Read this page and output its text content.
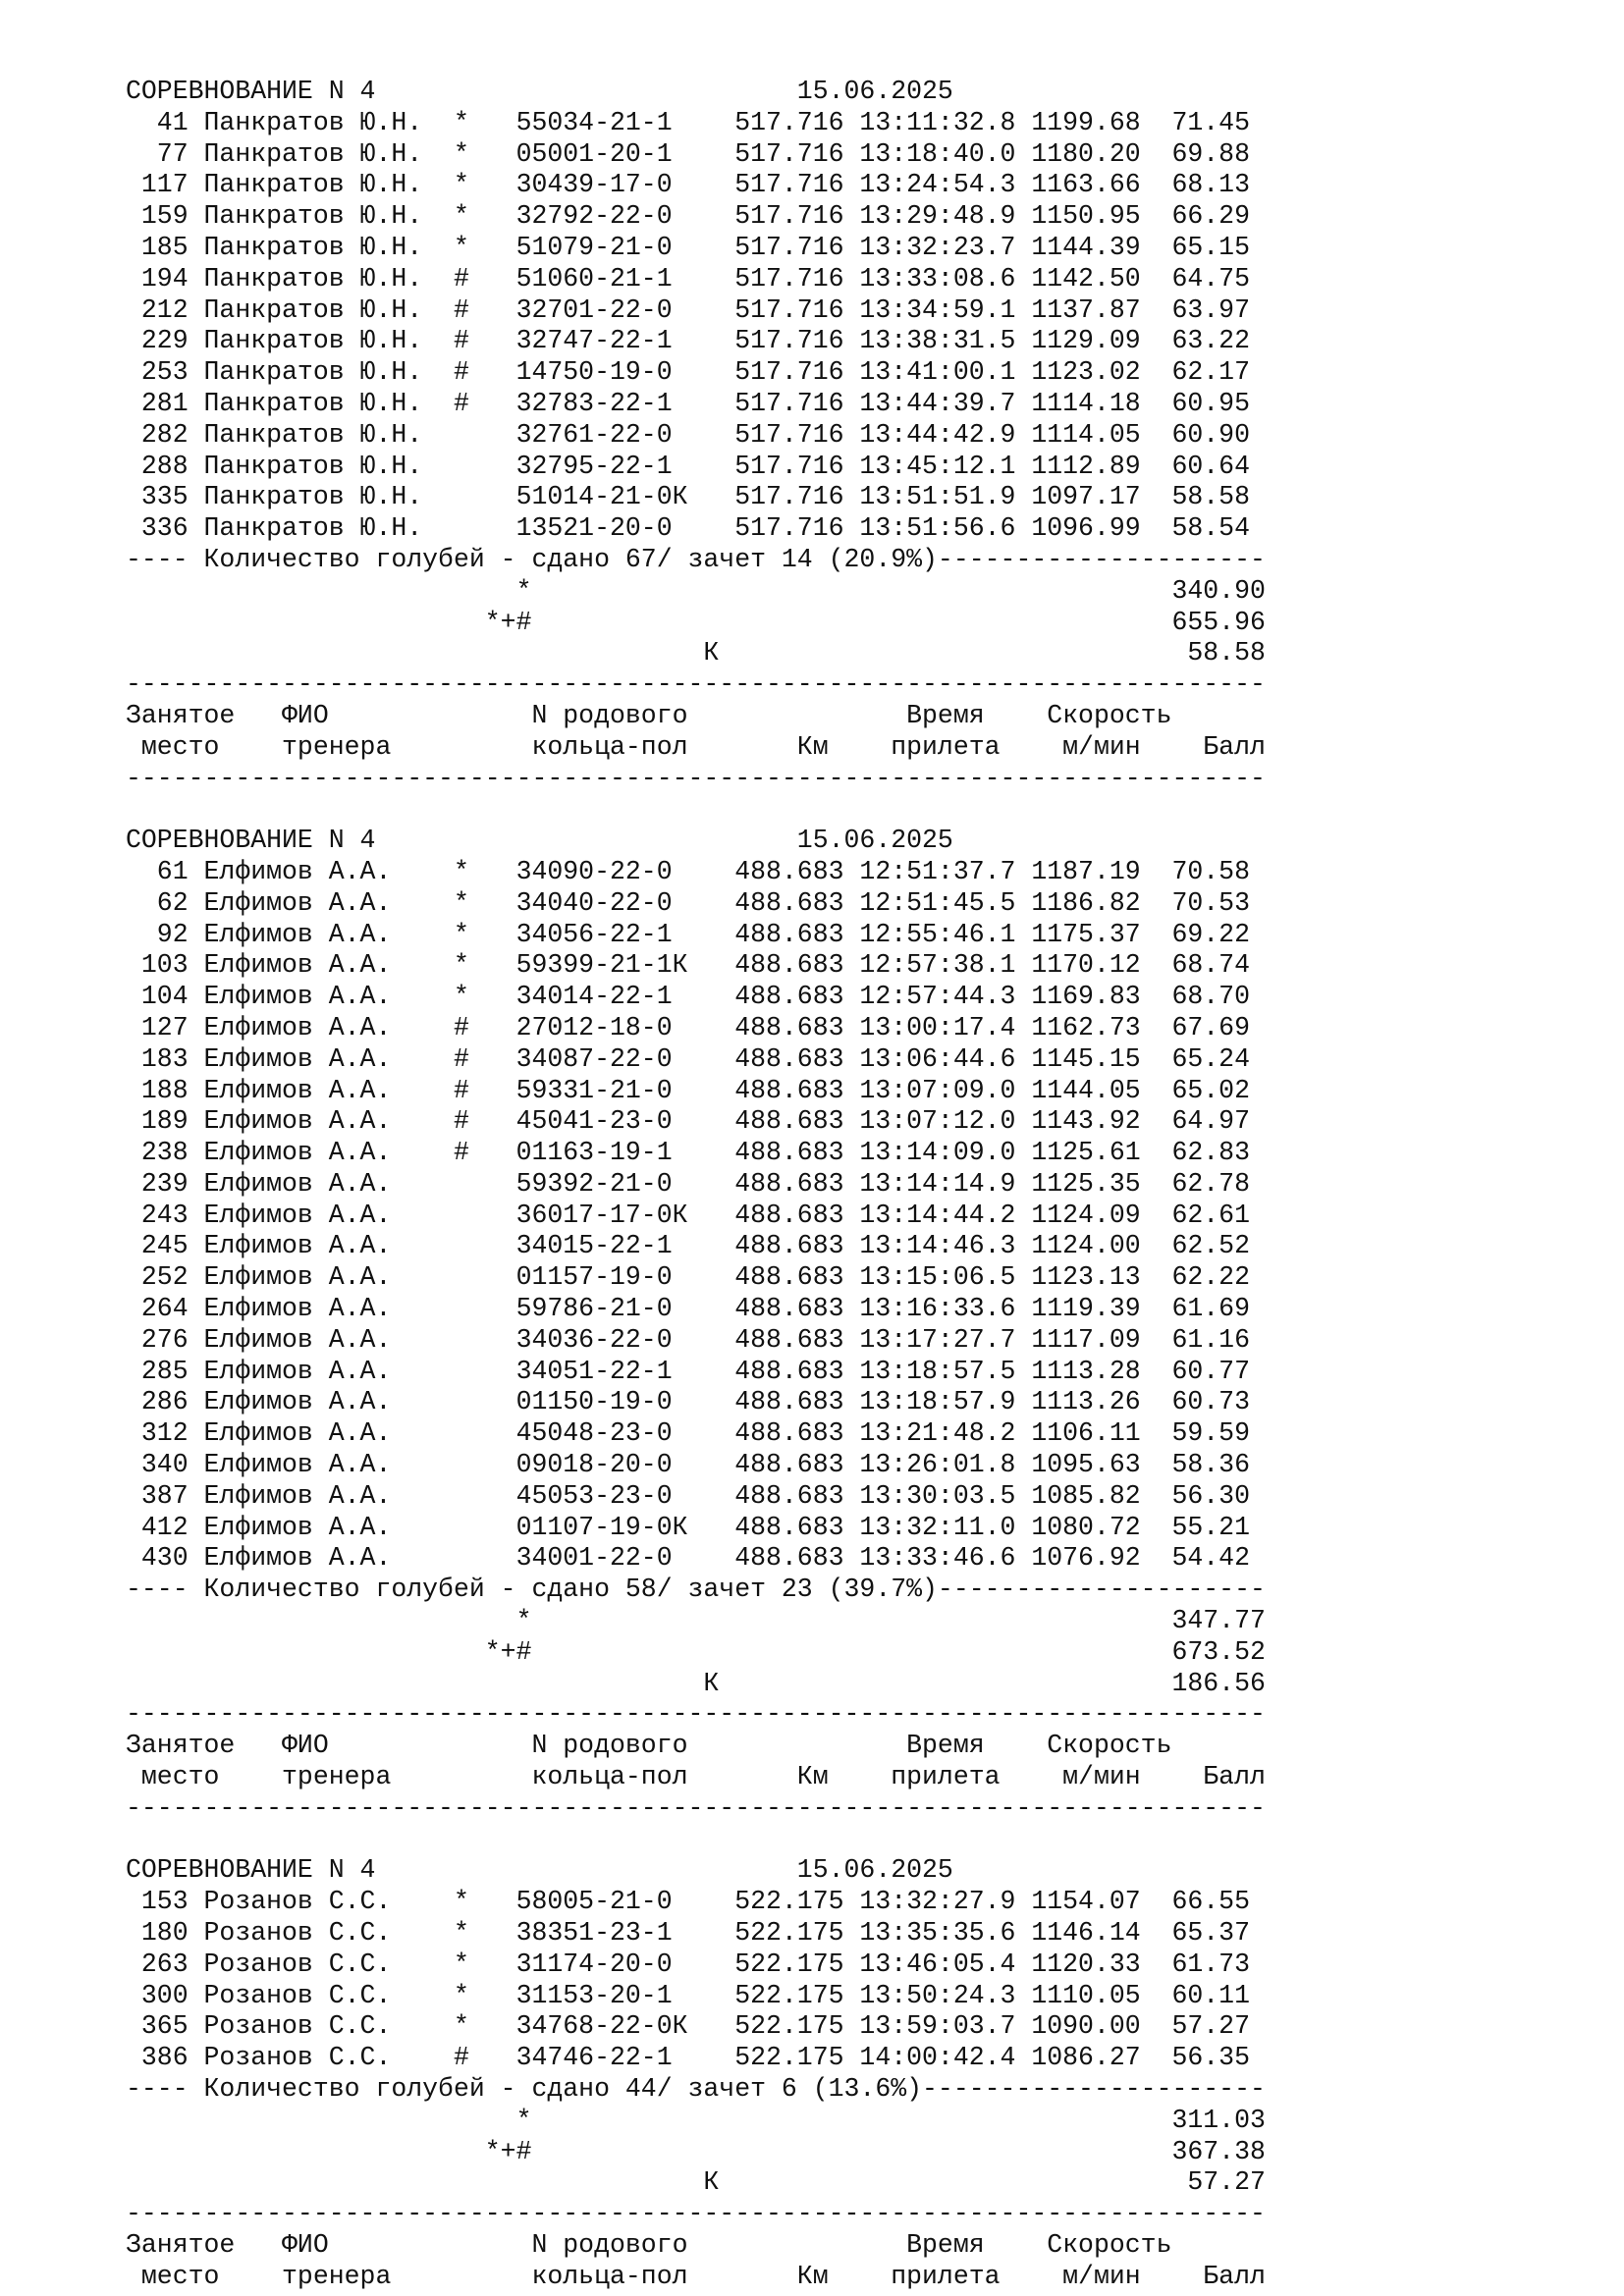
СОРЕВНОВАНИЕ N 4                           15.06.2025
41 Панкратов Ю.Н.  *   55034-21-1    517.716 13:11:32.8 1199.68  71.45
77 Панкратов Ю.Н.  *   05001-20-1    517.716 13:18:40.0 1180.20  69.88
117 Панкратов Ю.Н.  *   30439-17-0    517.716 13:24:54.3 1163.66  68.13
159 Панкратов Ю.Н.  *   32792-22-0    517.716 13:29:48.9 1150.95  66.29
185 Панкратов Ю.Н.  *   51079-21-0    517.716 13:32:23.7 1144.39  65.15
194 Панкратов Ю.Н.  #   51060-21-1    517.716 13:33:08.6 1142.50  64.75
212 Панкратов Ю.Н.  #   32701-22-0    517.716 13:34:59.1 1137.87  63.97
229 Панкратов Ю.Н.  #   32747-22-1    517.716 13:38:31.5 1129.09  63.22
253 Панкратов Ю.Н.  #   14750-19-0    517.716 13:41:00.1 1123.02  62.17
281 Панкратов Ю.Н.  #   32783-22-1    517.716 13:44:39.7 1114.18  60.95
282 Панкратов Ю.Н.      32761-22-0    517.716 13:44:42.9 1114.05  60.90
288 Панкратов Ю.Н.      32795-22-1    517.716 13:45:12.1 1112.89  60.64
335 Панкратов Ю.Н.      51014-21-0К   517.716 13:51:51.9 1097.17  58.58
336 Панкратов Ю.Н.      13521-20-0    517.716 13:51:56.6 1096.99  58.54
---- Количество голубей - сдано 67/ зачет 14 (20.9%)---------------------
*                                         340.90
*+#                                         655.96
К                              58.58
-------------------------------------------------------------------------
Занятое   ФИО             N родового              Время    Скорость
место    тренера         кольца-пол       Км    прилета    м/мин    Балл
-------------------------------------------------------------------------
СОРЕВНОВАНИЕ N 4                           15.06.2025
61 Елфимов А.А.    *   34090-22-0    488.683 12:51:37.7 1187.19  70.58
62 Елфимов А.А.    *   34040-22-0    488.683 12:51:45.5 1186.82  70.53
92 Елфимов А.А.    *   34056-22-1    488.683 12:55:46.1 1175.37  69.22
103 Елфимов А.А.    *   59399-21-1К   488.683 12:57:38.1 1170.12  68.74
104 Елфимов А.А.    *   34014-22-1    488.683 12:57:44.3 1169.83  68.70
127 Елфимов А.А.    #   27012-18-0    488.683 13:00:17.4 1162.73  67.69
183 Елфимов А.А.    #   34087-22-0    488.683 13:06:44.6 1145.15  65.24
188 Елфимов А.А.    #   59331-21-0    488.683 13:07:09.0 1144.05  65.02
189 Елфимов А.А.    #   45041-23-0    488.683 13:07:12.0 1143.92  64.97
238 Елфимов А.А.    #   01163-19-1    488.683 13:14:09.0 1125.61  62.83
239 Елфимов А.А.        59392-21-0    488.683 13:14:14.9 1125.35  62.78
243 Елфимов А.А.        36017-17-0К   488.683 13:14:44.2 1124.09  62.61
245 Елфимов А.А.        34015-22-1    488.683 13:14:46.3 1124.00  62.52
252 Елфимов А.А.        01157-19-0    488.683 13:15:06.5 1123.13  62.22
264 Елфимов А.А.        59786-21-0    488.683 13:16:33.6 1119.39  61.69
276 Елфимов А.А.        34036-22-0    488.683 13:17:27.7 1117.09  61.16
285 Елфимов А.А.        34051-22-1    488.683 13:18:57.5 1113.28  60.77
286 Елфимов А.А.        01150-19-0    488.683 13:18:57.9 1113.26  60.73
312 Елфимов А.А.        45048-23-0    488.683 13:21:48.2 1106.11  59.59
340 Елфимов А.А.        09018-20-0    488.683 13:26:01.8 1095.63  58.36
387 Елфимов А.А.        45053-23-0    488.683 13:30:03.5 1085.82  56.30
412 Елфимов А.А.        01107-19-0К   488.683 13:32:11.0 1080.72  55.21
430 Елфимов А.А.        34001-22-0    488.683 13:33:46.6 1076.92  54.42
---- Количество голубей - сдано 58/ зачет 23 (39.7%)---------------------
*                                         347.77
*+#                                         673.52
К                             186.56
-------------------------------------------------------------------------
Занятое   ФИО             N родового              Время    Скорость
место    тренера         кольца-пол       Км    прилета    м/мин    Балл
-------------------------------------------------------------------------
СОРЕВНОВАНИЕ N 4                           15.06.2025
153 Розанов С.С.    *   58005-21-0    522.175 13:32:27.9 1154.07  66.55
180 Розанов С.С.    *   38351-23-1    522.175 13:35:35.6 1146.14  65.37
263 Розанов С.С.    *   31174-20-0    522.175 13:46:05.4 1120.33  61.73
300 Розанов С.С.    *   31153-20-1    522.175 13:50:24.3 1110.05  60.11
365 Розанов С.С.    *   34768-22-0К   522.175 13:59:03.7 1090.00  57.27
386 Розанов С.С.    #   34746-22-1    522.175 14:00:42.4 1086.27  56.35
---- Количество голубей - сдано 44/ зачет 6 (13.6%)----------------------
*                                         311.03
*+#                                         367.38
К                              57.27
-------------------------------------------------------------------------
Занятое   ФИО             N родового              Время    Скорость
место    тренера         кольца-пол       Км    прилета    м/мин    Балл
